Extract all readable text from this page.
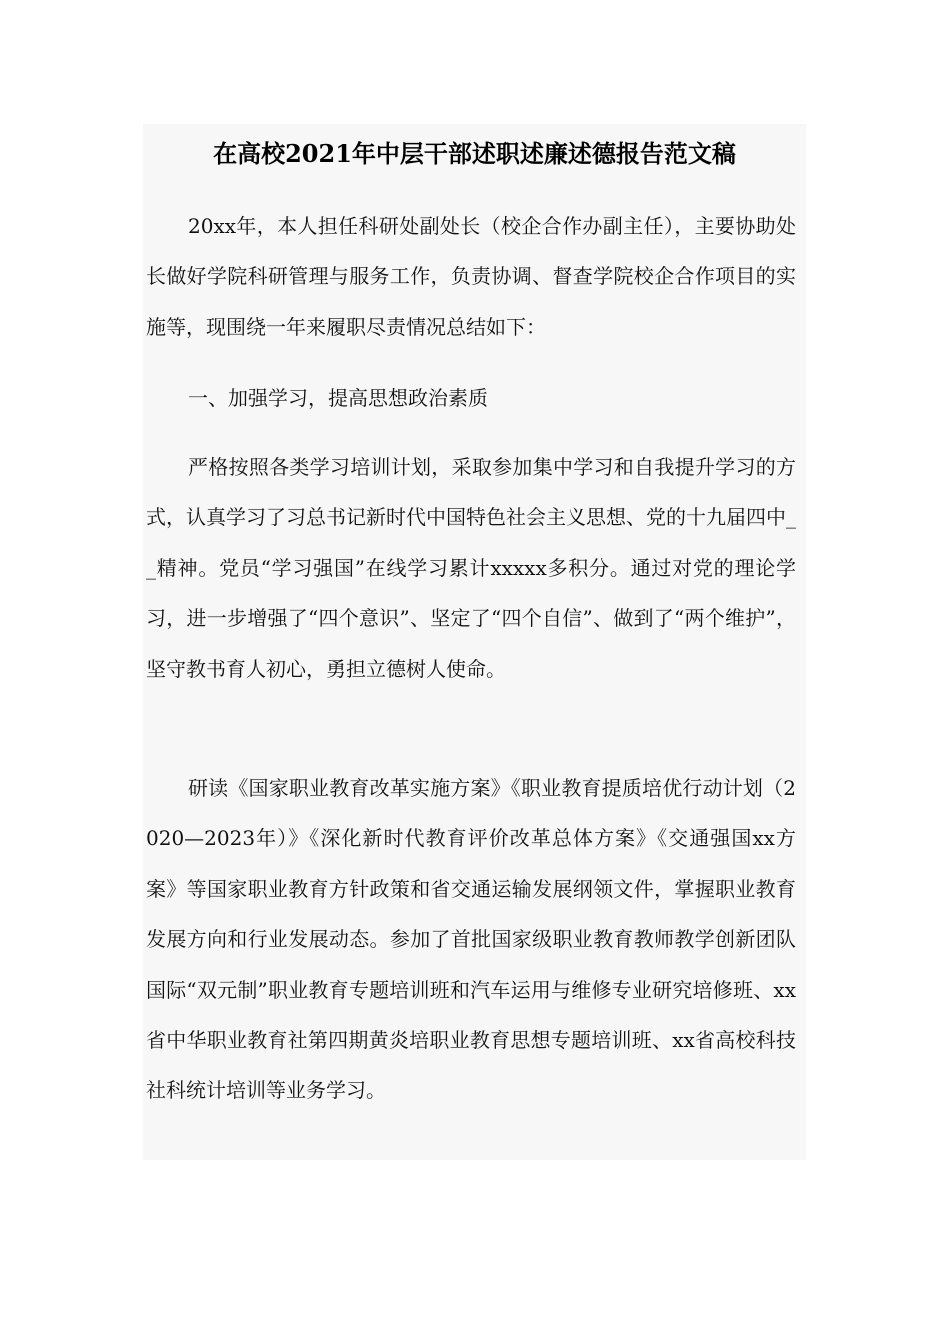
在高校2021年中层干部述职述廉述德报告范文稿

20xx年，本人担任科研处副处长（校企合作办副主任），主要协助处长做好学院科研管理与服务工作，负责协调、督查学院校企合作项目的实施等，现围绕一年来履职尽责情况总结如下：

一、加强学习，提高思想政治素质

严格按照各类学习培训计划，采取参加集中学习和自我提升学习的方式，认真学习了习总书记新时代中国特色社会主义思想、党的十九届四中__精神。党员“学习强国”在线学习累计xxxxx多积分。通过对党的理论学习，进一步增强了“四个意识”、坚定了“四个自信”、做到了“两个维护”，坚守教书育人初心，勇担立德树人使命。

研读《国家职业教育改革实施方案》《职业教育提质培优行动计划（2020—2023年）》《深化新时代教育评价改革总体方案》《交通强国xx方案》等国家职业教育方针政策和省交通运输发展纲领文件，掌握职业教育发展方向和行业发展动态。参加了首批国家级职业教育教师教学创新团队国际“双元制”职业教育专题培训班和汽车运用与维修专业研究培修班、xx省中华职业教育社第四期黄炎培职业教育思想专题培训班、xx省高校科技社科统计培训等业务学习。
